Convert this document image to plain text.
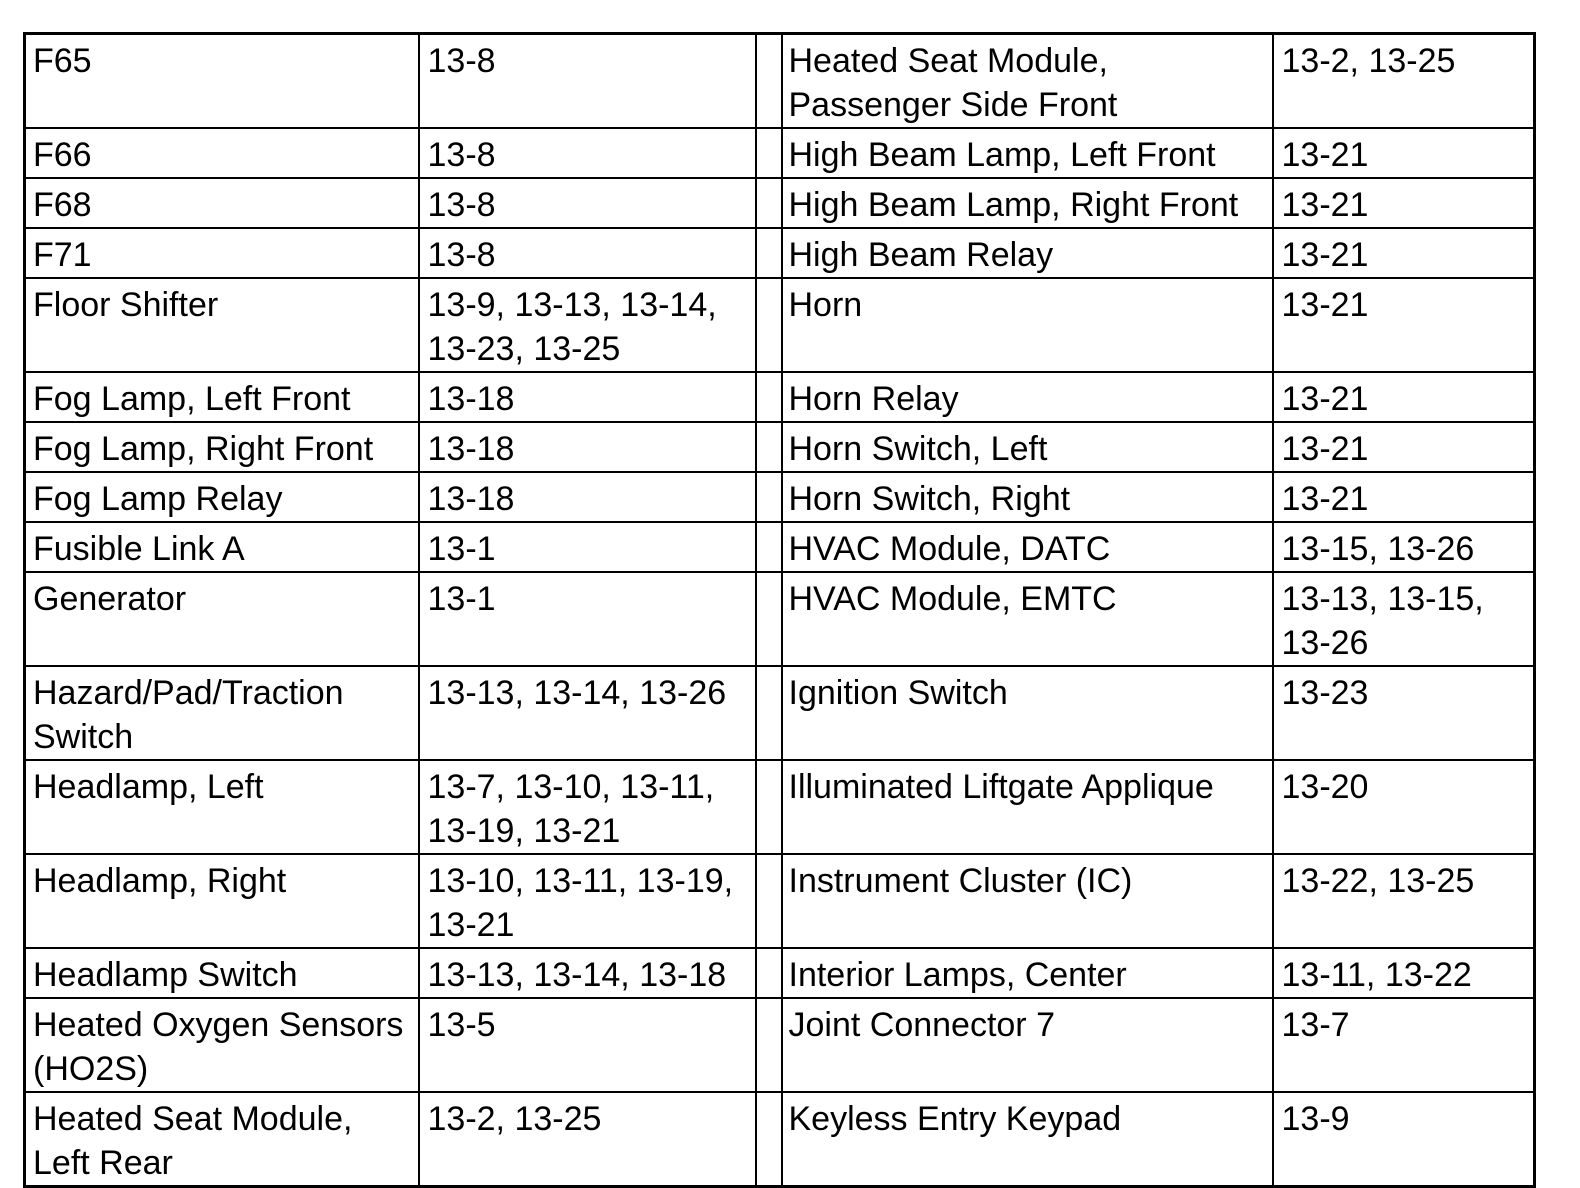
F65	13-8		Heated Seat Module, Passenger Side Front	13-2, 13-25
F66	13-8		High Beam Lamp, Left Front	13-21
F68	13-8		High Beam Lamp, Right Front	13-21
F71	13-8		High Beam Relay	13-21
Floor Shifter	13-9, 13-13, 13-14, 13-23, 13-25		Horn	13-21
Fog Lamp, Left Front	13-18		Horn Relay	13-21
Fog Lamp, Right Front	13-18		Horn Switch, Left	13-21
Fog Lamp Relay	13-18		Horn Switch, Right	13-21
Fusible Link A	13-1		HVAC Module, DATC	13-15, 13-26
Generator	13-1		HVAC Module, EMTC	13-13, 13-15, 13-26
Hazard/Pad/Traction Switch	13-13, 13-14, 13-26		Ignition Switch	13-23
Headlamp, Left	13-7, 13-10, 13-11, 13-19, 13-21		Illuminated Liftgate Applique	13-20
Headlamp, Right	13-10, 13-11, 13-19, 13-21		Instrument Cluster (IC)	13-22, 13-25
Headlamp Switch	13-13, 13-14, 13-18		Interior Lamps, Center	13-11, 13-22
Heated Oxygen Sensors (HO2S)	13-5		Joint Connector 7	13-7
Heated Seat Module, Left Rear	13-2, 13-25		Keyless Entry Keypad	13-9
